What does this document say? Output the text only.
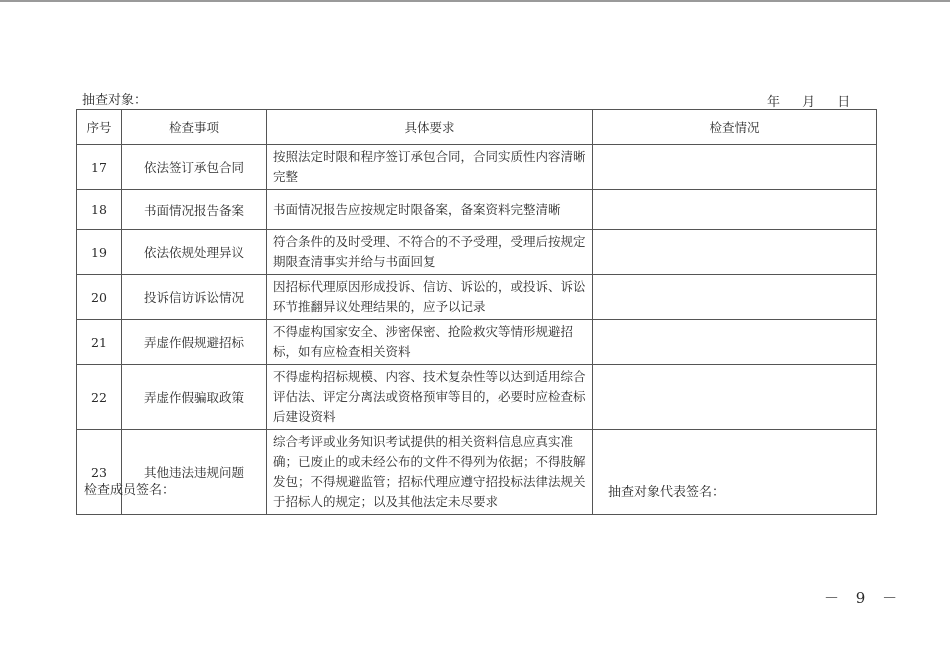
抽查对象：	年 月 日
序号	检查事项	具体要求	检查情况
17	依法签订承包合同	按照法定时限和程序签订承包合同，合同实质性内容清晰完整	
18	书面情况报告备案	书面情况报告应按规定时限备案，备案资料完整清晰	
19	依法依规处理异议	符合条件的及时受理、不符合的不予受理，受理后按规定期限查清事实并给与书面回复	
20	投诉信访诉讼情况	因招标代理原因形成投诉、信访、诉讼的，或投诉、诉讼环节推翻异议处理结果的，应予以记录	
21	弄虚作假规避招标	不得虚构国家安全、涉密保密、抢险救灾等情形规避招标，如有应检查相关资料	
22	弄虚作假骗取政策	不得虚构招标规模、内容、技术复杂性等以达到适用综合评估法、评定分离法或资格预审等目的，必要时应检查标后建设资料	
23	其他违法违规问题	综合考评或业务知识考试提供的相关资料信息应真实准确；已废止的或未经公布的文件不得列为依据；不得肢解发包；不得规避监管；招标代理应遵守招投标法律法规关于招标人的规定；以及其他法定未尽要求	
检查成员签名：	抽查对象代表签名：
－ 9 －
